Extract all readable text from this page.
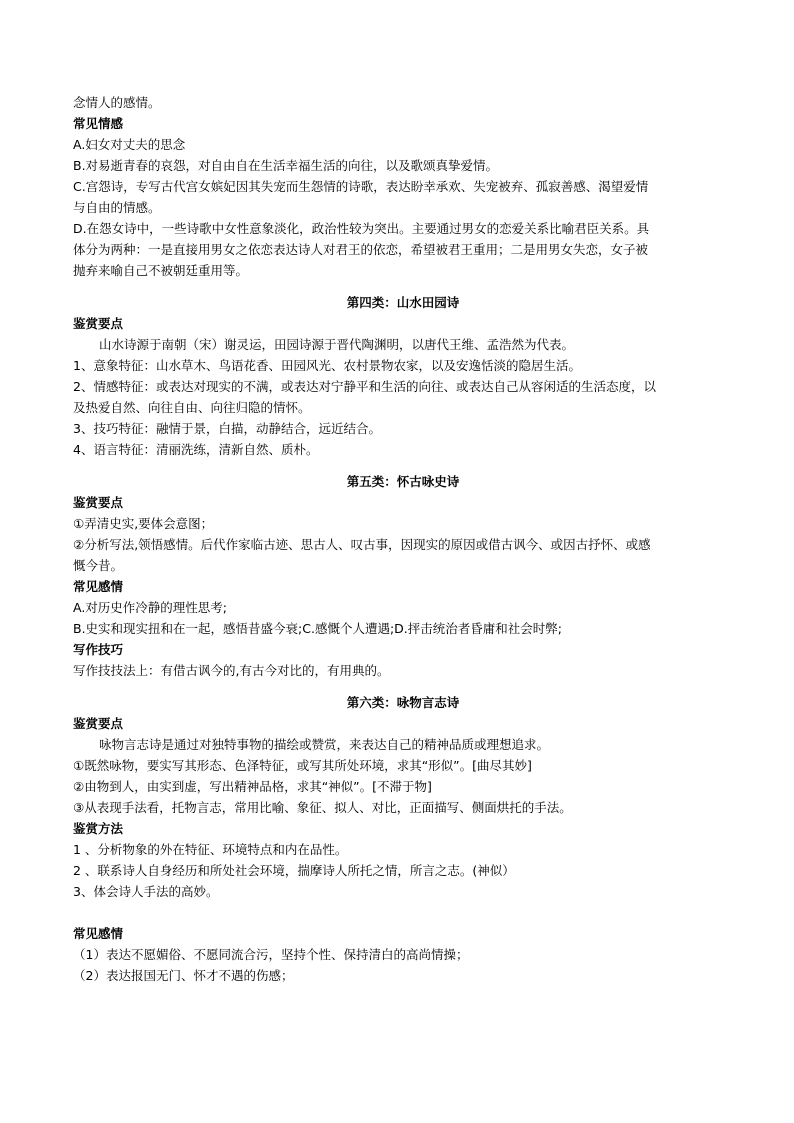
念情人的感情。
常见情感
A.妇女对丈夫的思念
B.对易逝青春的哀怨，对自由自在生活幸福生活的向往，以及歌颂真挚爱情。
C.宫怨诗，专写古代宫女嫔妃因其失宠而生怨情的诗歌，表达盼幸承欢、失宠被弃、孤寂善感、渴望爱情
与自由的情感。
D.在怨女诗中，一些诗歌中女性意象淡化，政治性较为突出。主要通过男女的恋爱关系比喻君臣关系。具
体分为两种：一是直接用男女之依恋表达诗人对君王的依恋，希望被君王重用；二是用男女失恋，女子被
抛弃来喻自己不被朝廷重用等。
第四类：山水田园诗
鉴赏要点
山水诗源于南朝（宋）谢灵运，田园诗源于晋代陶渊明，以唐代王维、孟浩然为代表。
1、意象特征：山水草木、鸟语花香、田园风光、农村景物农家，以及安逸恬淡的隐居生活。
2、情感特征：或表达对现实的不满，或表达对宁静平和生活的向往、或表达自己从容闲适的生活态度，以
及热爱自然、向往自由、向往归隐的情怀。
3、技巧特征：融情于景，白描，动静结合，远近结合。
4、语言特征：清丽洗练，清新自然、质朴。
第五类：怀古咏史诗
鉴赏要点
①弄清史实,要体会意图；
②分析写法,领悟感情。后代作家临古迹、思古人、叹古事，因现实的原因或借古讽今、或因古抒怀、或感
慨今昔。
常见感情
A.对历史作冷静的理性思考;
B.史实和现实扭和在一起，感悟昔盛今衰;C.感慨个人遭遇;D.抨击统治者昏庸和社会时弊;
写作技巧
写作技技法上：有借古讽今的,有古今对比的，有用典的。
第六类：咏物言志诗
鉴赏要点
咏物言志诗是通过对独特事物的描绘或赞赏，来表达自己的精神品质或理想追求。
①既然咏物，要实写其形态、色泽特征，或写其所处环境，求其“形似”。[曲尽其妙]
②由物到人，由实到虚，写出精神品格，求其“神似”。[不滞于物]
③从表现手法看，托物言志，常用比喻、象征、拟人、对比，正面描写、侧面烘托的手法。
鉴赏方法
1 、分析物象的外在特征、环境特点和内在品性。
2 、联系诗人自身经历和所处社会环境，揣摩诗人所托之情，所言之志。(神似）
3、体会诗人手法的高妙。
常见感情
（1）表达不愿媚俗、不愿同流合污，坚持个性、保持清白的高尚情操；
（2）表达报国无门、怀才不遇的伤感；
